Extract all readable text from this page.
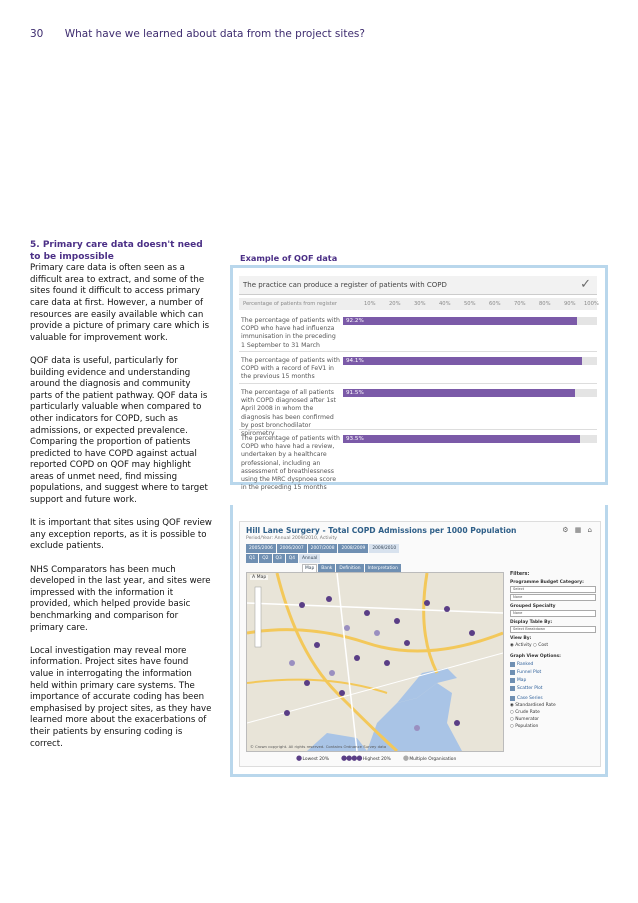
30 What have we learned about data from the project sites?
5. Primary care data doesn't need to be impossible

Primary care data is often seen as a difficult area to extract, and some of the sites found it difficult to access primary care data at first. However, a number of resources are easily available which can provide a picture of primary care which is valuable for improvement work.

QOF data is useful, particularly for building evidence and understanding around the diagnosis and community parts of the patient pathway. QOF data is particularly valuable when compared to other indicators for COPD, such as admissions, or expected prevalence. Comparing the proportion of patients predicted to have COPD against actual reported COPD on QOF may highlight areas of unmet need, find missing populations, and suggest where to target support and future work.

It is important that sites using QOF review any exception reports, as it is possible to exclude patients.

NHS Comparators has been much developed in the last year, and sites were impressed with the information it provided, which helped provide basic benchmarking and comparison for primary care.

Local investigation may reveal more information. Project sites have found value in interrogating the information held within primary care systems. The importance of accurate coding has been emphasised by project sites, as they have learned more about the exacerbations of their patients by ensuring coding is correct.

Example of QOF data
The practice can produce a register of patients with COPD	✓
Percentage of patients from register	10%	20%	30%	40%	50%	60%	70%	80%	90% 100%
The percentage of patients with COPD who have had influenza immunisation in the preceding 1 September to 31 March
92.2%
The percentage of patients with COPD with a record of FeV1 in the previous 15 months
94.1%
The percentage of all patients with COPD diagnosed after 1st April 2008 in whom the diagnosis has been confirmed by post bronchodilator spirometry
91.5%
The percentage of patients with COPD who have had a review, undertaken by a healthcare professional, including an assessment of breathlessness using the MRC dyspnoea score in the preceding 15 months
93.5%
Hill Lane Surgery - Total COPD Admissions per 1000 Population
Period/Year: Annual 2009/2010, Activity
⚙ ▦ ⌂
2005/2006	2006/2007	2007/2008	2008/2009	2009/2010
Q1	Q2	Q3	Q4	Annual
Map	Bank	Definition	Interpretation
A Map
© Crown copyright. All rights reserved. Contains Ordnance Survey data
● Lowest 20% ●●●● Highest 20% ● Multiple Organisation
Filters:
Programme Budget Category:
Select
None
Grouped Specialty
None
Display Table By:
Select Breakdown
View By:
◉ Activity ○ Cost
Graph View Options:
Ranked
Funnel Plot
Map
Scatter Plot
Case Series
◉ Standardised Rate
○ Crude Rate
○ Numerator
○ Population
